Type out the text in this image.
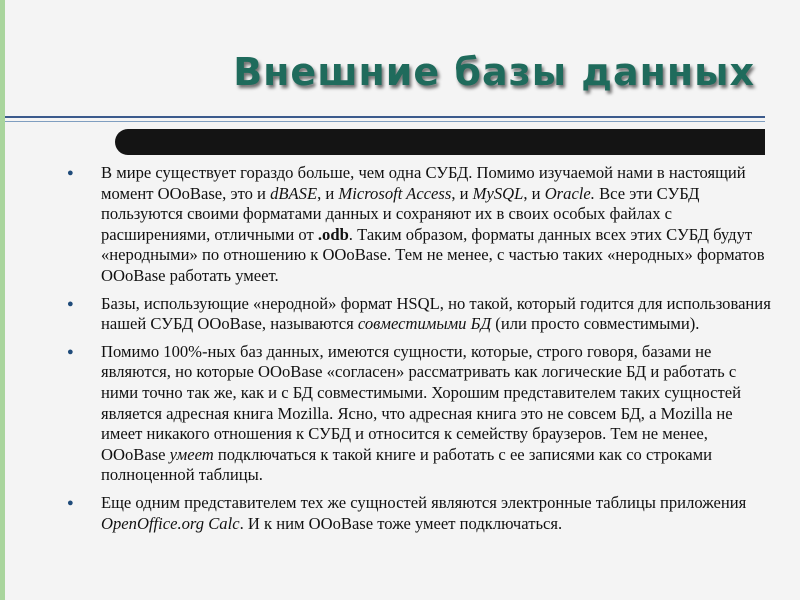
Внешние базы данных
● В мире существует гораздо больше, чем одна СУБД. Помимо изучаемой нами в настоящий момент OOoBase, это и dBASE, и Microsoft Access, и MySQL, и Oracle. Все эти СУБД пользуются своими форматами данных и сохраняют их в своих особых файлах с расширениями, отличными от .odb. Таким образом, форматы данных всех этих СУБД будут «неродными» по отношению к OOoBase. Тем не менее, с частью таких «неродных» форматов OOoBase работать умеет.
● Базы, использующие «неродной» формат HSQL, но такой, который годится для использования нашей СУБД OOoBase, называются совместимыми БД (или просто совместимыми).
● Помимо 100%-ных баз данных, имеются сущности, которые, строго говоря, базами не являются, но которые OOoBase «согласен» рассматривать как логические БД и работать с ними точно так же, как и с БД совместимыми. Хорошим представителем таких сущностей является адресная книга Mozilla. Ясно, что адресная книга это не совсем БД, а Mozilla не имеет никакого отношения к СУБД и относится к семейству браузеров. Тем не менее, OOoBase умеет подключаться к такой книге и работать с ее записями как со строками полноценной таблицы.
● Еще одним представителем тех же сущностей являются электронные таблицы приложения OpenOffice.org Calc. И к ним OOoBase тоже умеет подключаться.
